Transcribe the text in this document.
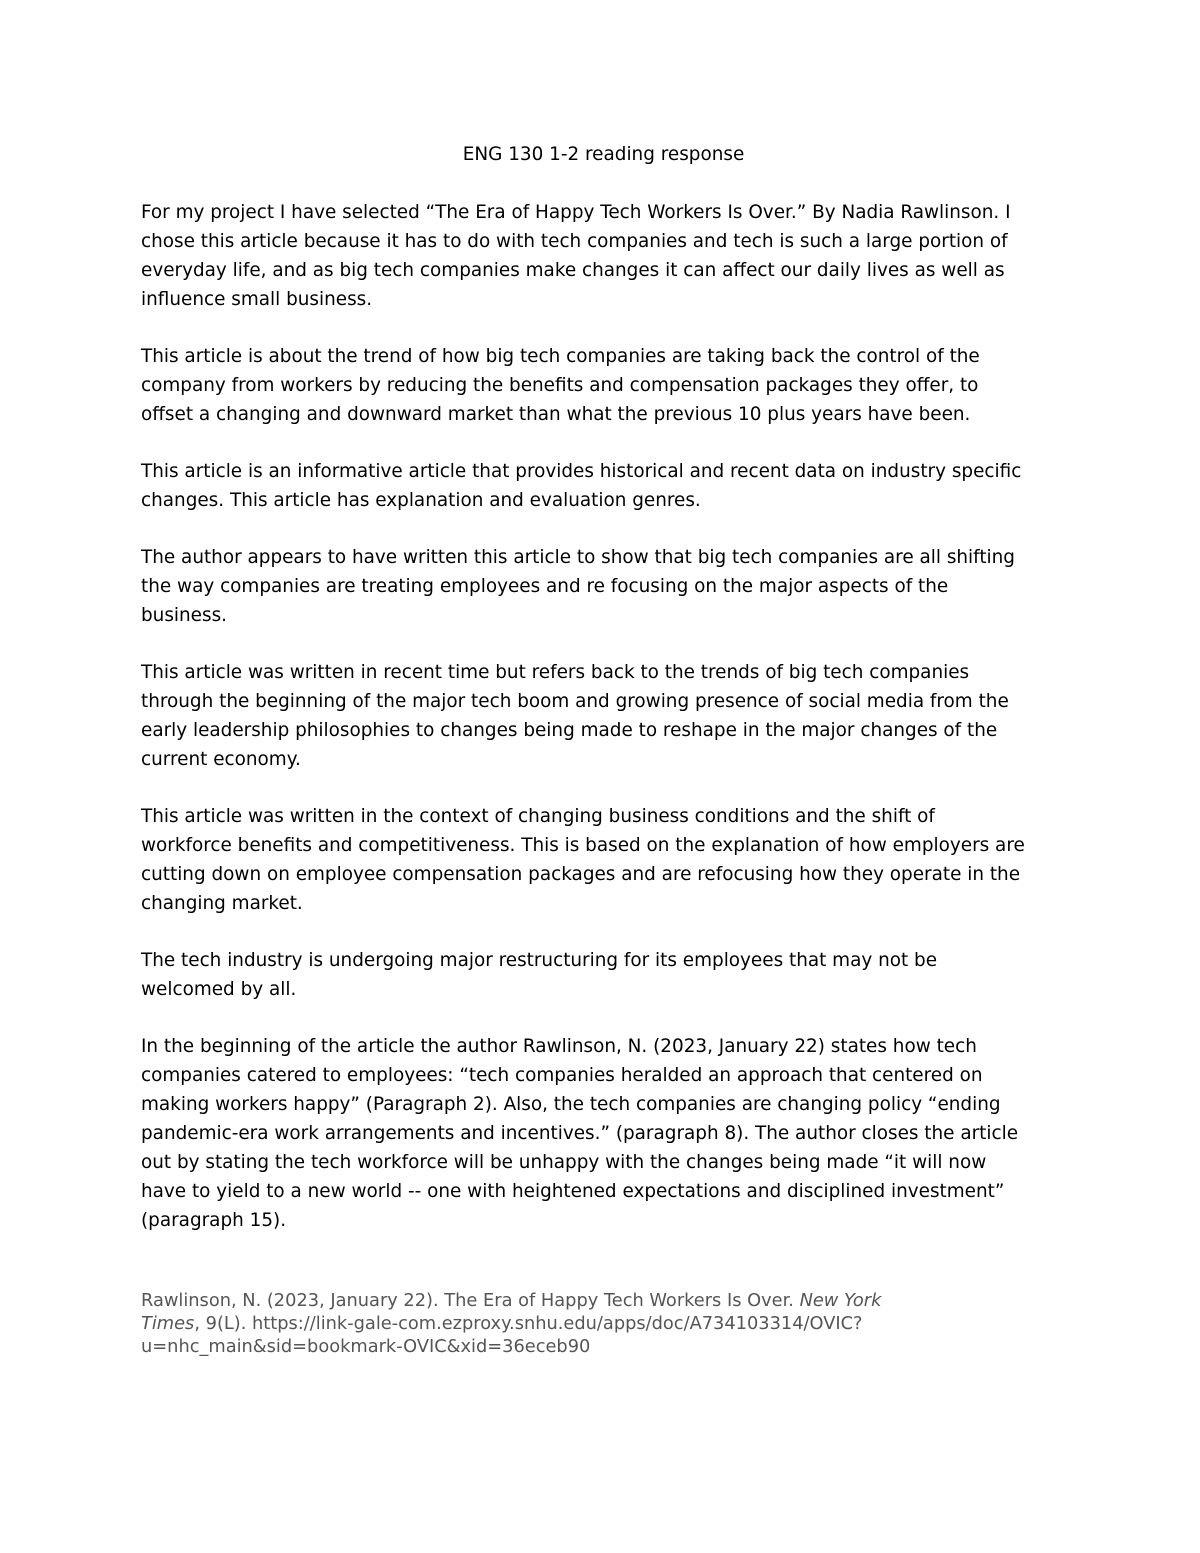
ENG 130 1-2 reading response
For my project I have selected “The Era of Happy Tech Workers Is Over.” By Nadia Rawlinson. I
chose this article because it has to do with tech companies and tech is such a large portion of
everyday life, and as big tech companies make changes it can affect our daily lives as well as
influence small business.
This article is about the trend of how big tech companies are taking back the control of the
company from workers by reducing the benefits and compensation packages they offer, to
offset a changing and downward market than what the previous 10 plus years have been.
This article is an informative article that provides historical and recent data on industry specific
changes. This article has explanation and evaluation genres.
The author appears to have written this article to show that big tech companies are all shifting
the way companies are treating employees and re focusing on the major aspects of the
business.
This article was written in recent time but refers back to the trends of big tech companies
through the beginning of the major tech boom and growing presence of social media from the
early leadership philosophies to changes being made to reshape in the major changes of the
current economy.
This article was written in the context of changing business conditions and the shift of
workforce benefits and competitiveness. This is based on the explanation of how employers are
cutting down on employee compensation packages and are refocusing how they operate in the
changing market.
The tech industry is undergoing major restructuring for its employees that may not be
welcomed by all.
In the beginning of the article the author Rawlinson, N. (2023, January 22) states how tech
companies catered to employees: “tech companies heralded an approach that centered on
making workers happy” (Paragraph 2). Also, the tech companies are changing policy “ending
pandemic-era work arrangements and incentives.” (paragraph 8). The author closes the article
out by stating the tech workforce will be unhappy with the changes being made “it will now
have to yield to a new world -- one with heightened expectations and disciplined investment”
(paragraph 15).
Rawlinson, N. (2023, January 22). The Era of Happy Tech Workers Is Over. New York
Times, 9(L). https://link-gale-com.ezproxy.snhu.edu/apps/doc/A734103314/OVIC?
u=nhc_main&sid=bookmark-OVIC&xid=36eceb90
